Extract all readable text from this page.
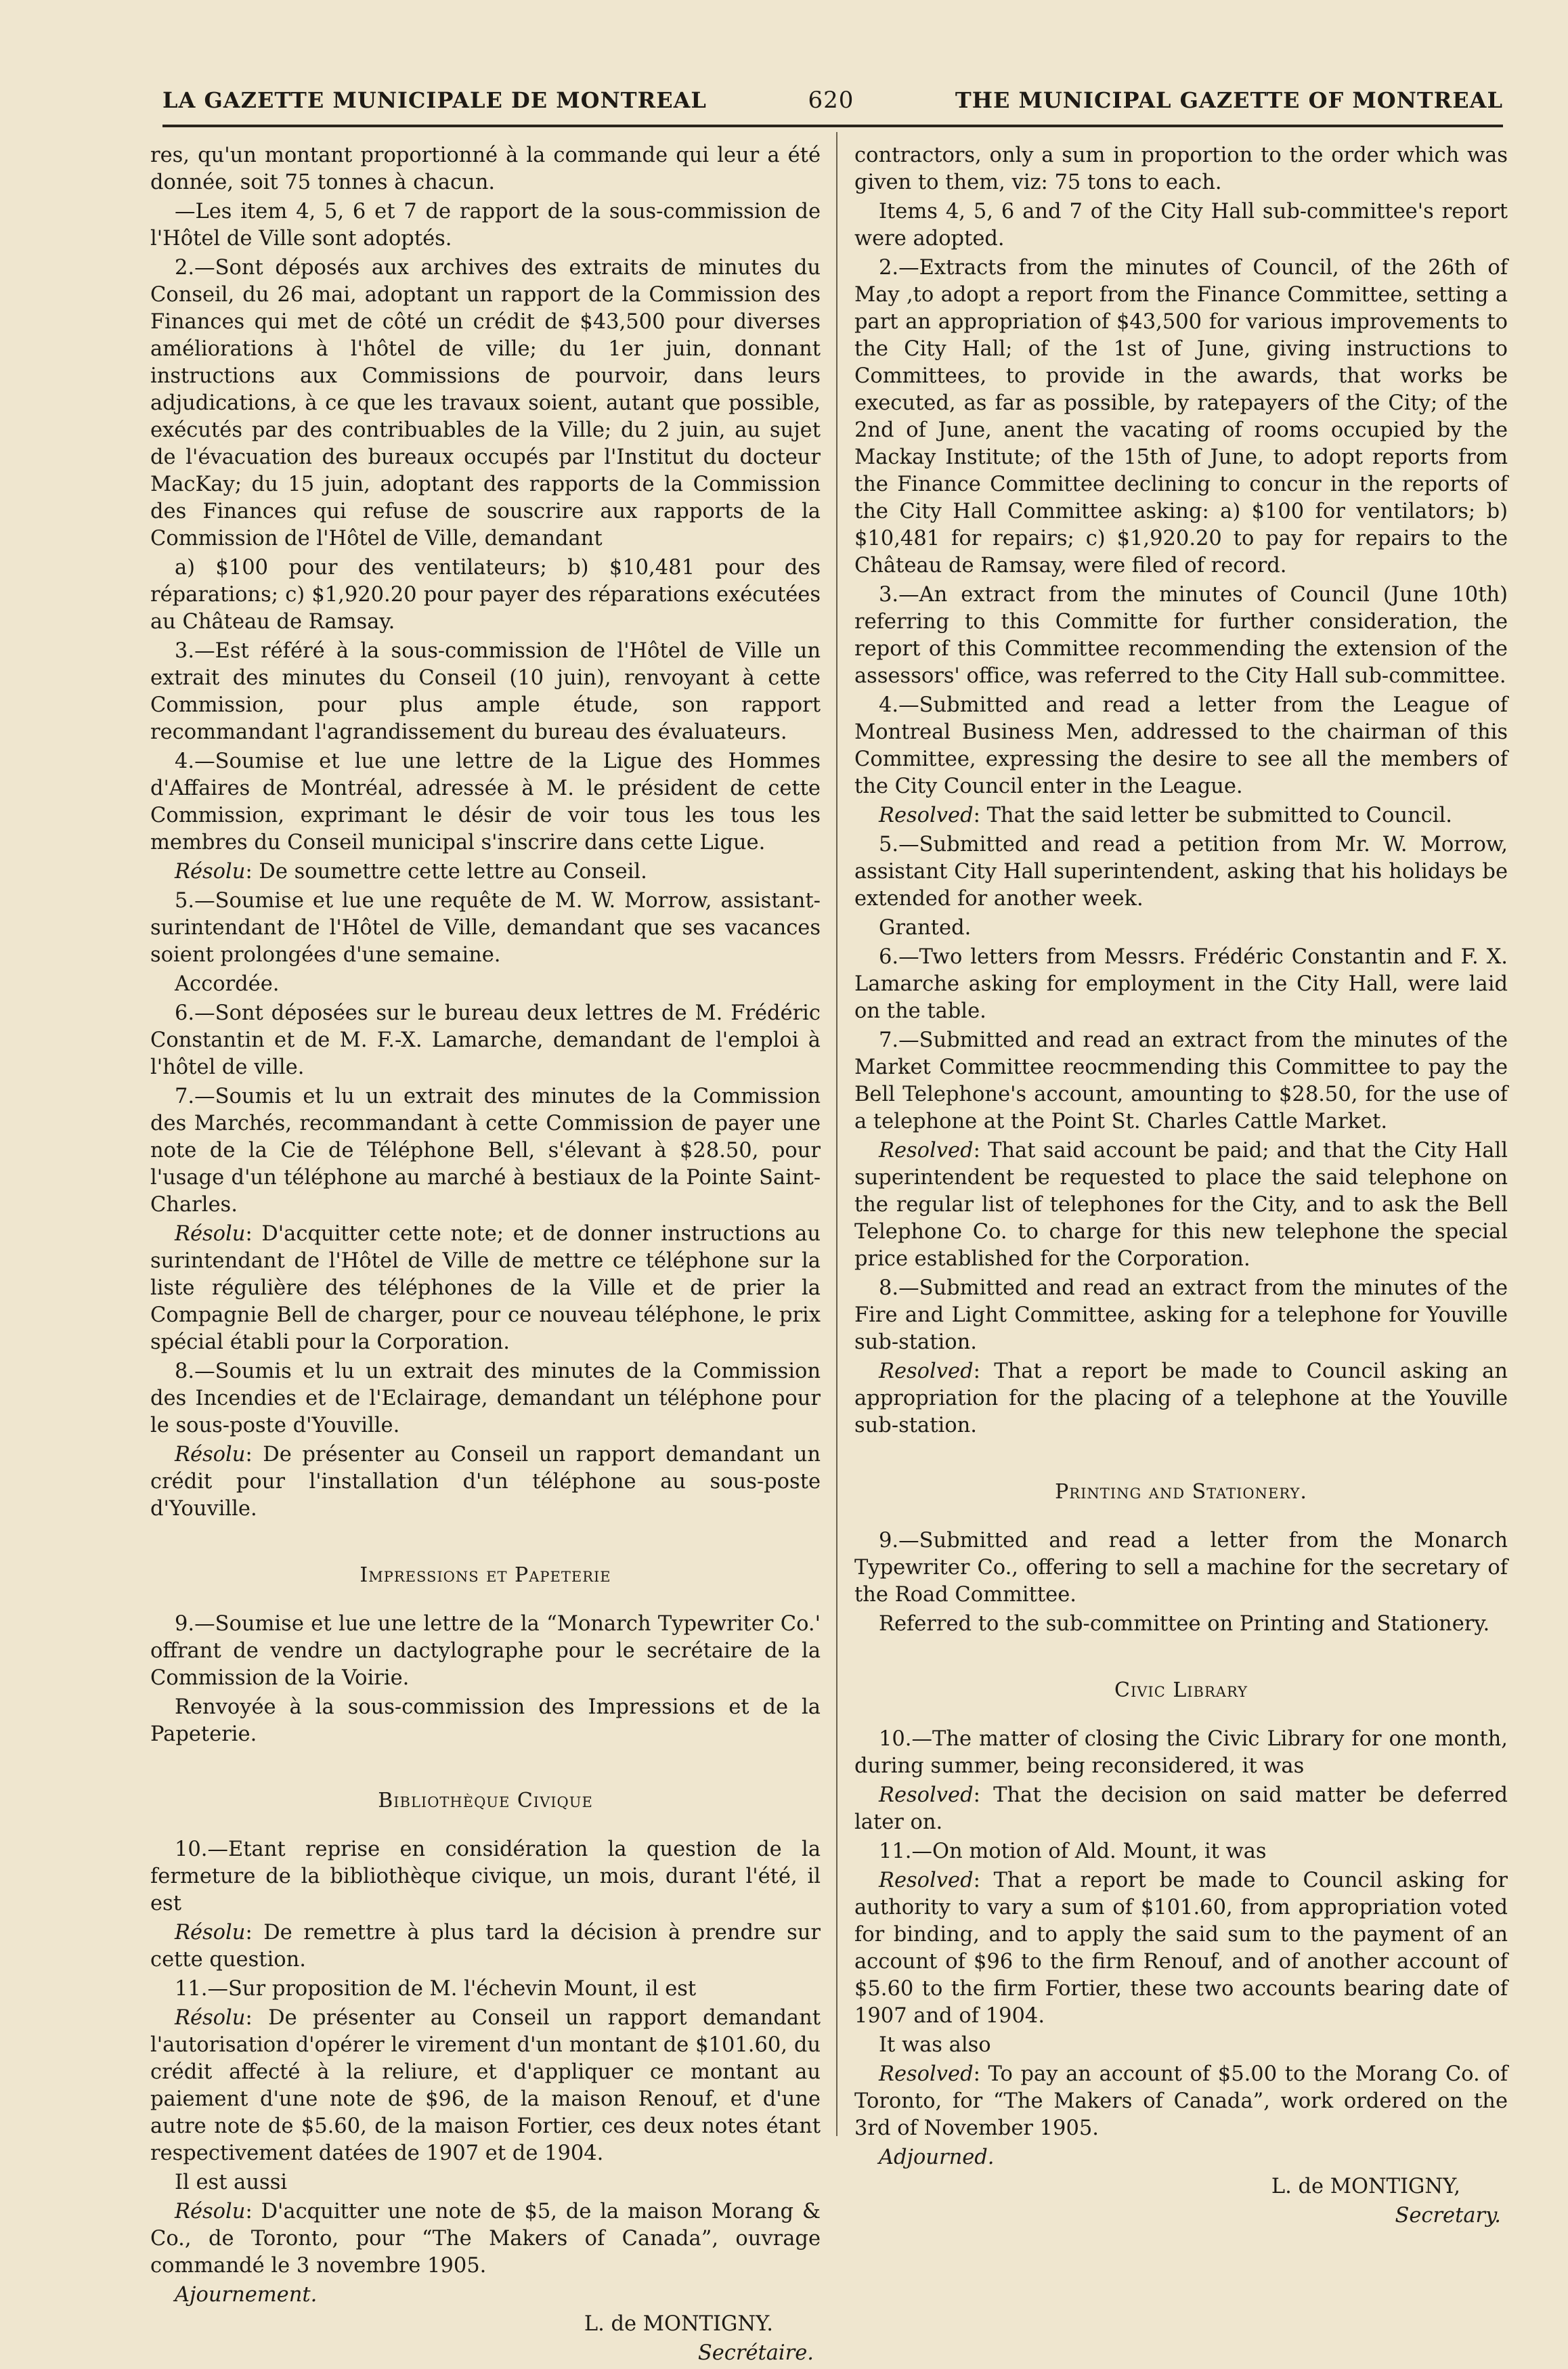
LA GAZETTE MUNICIPALE DE MONTREAL	620	THE MUNICIPAL GAZETTE OF MONTREAL

res, qu'un montant proportionné à la commande qui leur a été donnée, soit 75 tonnes à chacun.

—Les item 4, 5, 6 et 7 de rapport de la sous-commission de l'Hôtel de Ville sont adoptés.

2.—Sont déposés aux archives des extraits de minutes du Conseil, du 26 mai, adoptant un rapport de la Commission des Finances qui met de côté un crédit de $43,500 pour diverses améliorations à l'hôtel de ville; du 1er juin, donnant instructions aux Commissions de pourvoir, dans leurs adjudications, à ce que les travaux soient, autant que possible, exécutés par des contribuables de la Ville; du 2 juin, au sujet de l'évacuation des bureaux occupés par l'Institut du docteur MacKay; du 15 juin, adoptant des rapports de la Commission des Finances qui refuse de souscrire aux rapports de la Commission de l'Hôtel de Ville, demandant

a) $100 pour des ventilateurs; b) $10,481 pour des réparations; c) $1,920.20 pour payer des réparations exécutées au Château de Ramsay.

3.—Est référé à la sous-commission de l'Hôtel de Ville un extrait des minutes du Conseil (10 juin), renvoyant à cette Commission, pour plus ample étude, son rapport recommandant l'agrandissement du bureau des évaluateurs.

4.—Soumise et lue une lettre de la Ligue des Hommes d'Affaires de Montréal, adressée à M. le président de cette Commission, exprimant le désir de voir tous les tous les membres du Conseil municipal s'inscrire dans cette Ligue.

Résolu: De soumettre cette lettre au Conseil.

5.—Soumise et lue une requête de M. W. Morrow, assistant-surintendant de l'Hôtel de Ville, demandant que ses vacances soient prolongées d'une semaine.

Accordée.

6.—Sont déposées sur le bureau deux lettres de M. Frédéric Constantin et de M. F.-X. Lamarche, demandant de l'emploi à l'hôtel de ville.

7.—Soumis et lu un extrait des minutes de la Commission des Marchés, recommandant à cette Commission de payer une note de la Cie de Téléphone Bell, s'élevant à $28.50, pour l'usage d'un téléphone au marché à bestiaux de la Pointe Saint-Charles.

Résolu: D'acquitter cette note; et de donner instructions au surintendant de l'Hôtel de Ville de mettre ce téléphone sur la liste régulière des téléphones de la Ville et de prier la Compagnie Bell de charger, pour ce nouveau téléphone, le prix spécial établi pour la Corporation.

8.—Soumis et lu un extrait des minutes de la Commission des Incendies et de l'Eclairage, demandant un téléphone pour le sous-poste d'Youville.

Résolu: De présenter au Conseil un rapport demandant un crédit pour l'installation d'un téléphone au sous-poste d'Youville.

Impressions et Papeterie

9.—Soumise et lue une lettre de la “Monarch Typewriter Co.' offrant de vendre un dactylographe pour le secrétaire de la Commission de la Voirie.

Renvoyée à la sous-commission des Impressions et de la Papeterie.

Bibliothèque Civique

10.—Etant reprise en considération la question de la fermeture de la bibliothèque civique, un mois, durant l'été, il est

Résolu: De remettre à plus tard la décision à prendre sur cette question.

11.—Sur proposition de M. l'échevin Mount, il est

Résolu: De présenter au Conseil un rapport demandant l'autorisation d'opérer le virement d'un montant de $101.60, du crédit affecté à la reliure, et d'appliquer ce montant au paiement d'une note de $96, de la maison Renouf, et d'une autre note de $5.60, de la maison Fortier, ces deux notes étant respectivement datées de 1907 et de 1904.

Il est aussi

Résolu: D'acquitter une note de $5, de la maison Morang & Co., de Toronto, pour “The Makers of Canada”, ouvrage commandé le 3 novembre 1905.

Ajournement.

L. de MONTIGNY.

Secrétaire.

contractors, only a sum in proportion to the order which was given to them, viz: 75 tons to each.

Items 4, 5, 6 and 7 of the City Hall sub-committee's report were adopted.

2.—Extracts from the minutes of Council, of the 26th of May ,to adopt a report from the Finance Committee, setting a part an appropriation of $43,500 for various improvements to the City Hall; of the 1st of June, giving instructions to Committees, to provide in the awards, that works be executed, as far as possible, by ratepayers of the City; of the 2nd of June, anent the vacating of rooms occupied by the Mackay Institute; of the 15th of June, to adopt reports from the Finance Committee declining to concur in the reports of the City Hall Committee asking: a) $100 for ventilators; b) $10,481 for repairs; c) $1,920.20 to pay for repairs to the Château de Ramsay, were filed of record.

3.—An extract from the minutes of Council (June 10th) referring to this Committe for further consideration, the report of this Committee recommending the extension of the assessors' office, was referred to the City Hall sub-committee.

4.—Submitted and read a letter from the League of Montreal Business Men, addressed to the chairman of this Committee, expressing the desire to see all the members of the City Council enter in the League.

Resolved: That the said letter be submitted to Council.

5.—Submitted and read a petition from Mr. W. Morrow, assistant City Hall superintendent, asking that his holidays be extended for another week.

Granted.

6.—Two letters from Messrs. Frédéric Constantin and F. X. Lamarche asking for employment in the City Hall, were laid on the table.

7.—Submitted and read an extract from the minutes of the Market Committee reocmmending this Committee to pay the Bell Telephone's account, amounting to $28.50, for the use of a telephone at the Point St. Charles Cattle Market.

Resolved: That said account be paid; and that the City Hall superintendent be requested to place the said telephone on the regular list of telephones for the City, and to ask the Bell Telephone Co. to charge for this new telephone the special price established for the Corporation.

8.—Submitted and read an extract from the minutes of the Fire and Light Committee, asking for a telephone for Youville sub-station.

Resolved: That a report be made to Council asking an appropriation for the placing of a telephone at the Youville sub-station.

Printing and Stationery.

9.—Submitted and read a letter from the Monarch Typewriter Co., offering to sell a machine for the secretary of the Road Committee.

Referred to the sub-committee on Printing and Stationery.

Civic Library

10.—The matter of closing the Civic Library for one month, during summer, being reconsidered, it was

Resolved: That the decision on said matter be deferred later on.

11.—On motion of Ald. Mount, it was

Resolved: That a report be made to Council asking for authority to vary a sum of $101.60, from appropriation voted for binding, and to apply the said sum to the payment of an account of $96 to the firm Renouf, and of another account of $5.60 to the firm Fortier, these two accounts bearing date of 1907 and of 1904.

It was also

Resolved: To pay an account of $5.00 to the Morang Co. of Toronto, for “The Makers of Canada”, work ordered on the 3rd of November 1905.

Adjourned.

L. de MONTIGNY,

Secretary.
